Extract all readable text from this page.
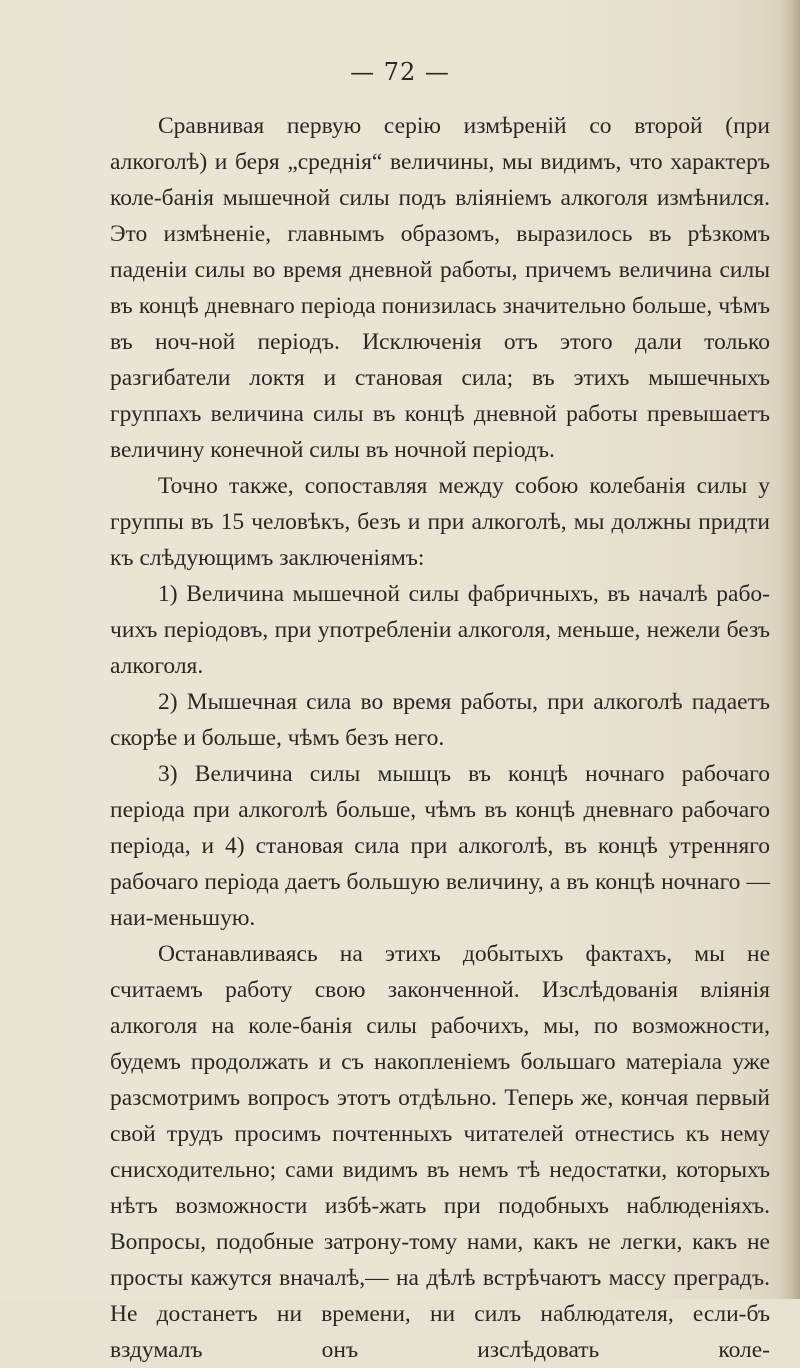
— 72 —

Сравнивая первую серію измѣреній со второй (при алкоголѣ) и беря „среднія“ величины, мы видимъ, что характеръ коле-банія мышечной силы подъ вліяніемъ алкоголя измѣнился. Это измѣненіе, главнымъ образомъ, выразилось въ рѣзкомъ паденіи силы во время дневной работы, причемъ величина силы въ концѣ дневнаго періода понизилась значительно больше, чѣмъ въ ноч-ной періодъ. Исключенія отъ этого дали только разгибатели локтя и становая сила; въ этихъ мышечныхъ группахъ величина силы въ концѣ дневной работы превышаетъ величину конечной силы въ ночной періодъ.

Точно также, сопоставляя между собою колебанія силы у группы въ 15 человѣкъ, безъ и при алкоголѣ, мы должны придти къ слѣдующимъ заключеніямъ:

1) Величина мышечной силы фабричныхъ, въ началѣ рабо-чихъ періодовъ, при употребленіи алкоголя, меньше, нежели безъ алкоголя.

2) Мышечная сила во время работы, при алкоголѣ падаетъ скорѣе и больше, чѣмъ безъ него.

3) Величина силы мышцъ въ концѣ ночнаго рабочаго періода при алкоголѣ больше, чѣмъ въ концѣ дневнаго рабочаго періода, и 4) становая сила при алкоголѣ, въ концѣ утренняго рабочаго періода даетъ большую величину, а въ концѣ ночнаго — наи-меньшую.

Останавливаясь на этихъ добытыхъ фактахъ, мы не считаемъ работу свою законченной. Изслѣдованія вліянія алкоголя на коле-банія силы рабочихъ, мы, по возможности, будемъ продолжать и съ накопленіемъ большаго матеріала уже разсмотримъ вопросъ этотъ отдѣльно. Теперь же, кончая первый свой трудъ просимъ почтенныхъ читателей отнестись къ нему снисходительно; сами видимъ въ немъ тѣ недостатки, которыхъ нѣтъ возможности избѣ-жать при подобныхъ наблюденіяхъ. Вопросы, подобные затрону-тому нами, какъ не легки, какъ не просты кажутся вначалѣ,— на дѣлѣ встрѣчаютъ массу преградъ. Не достанетъ ни времени, ни силъ наблюдателя, если-бъ вздумалъ онъ изслѣдовать коле-
